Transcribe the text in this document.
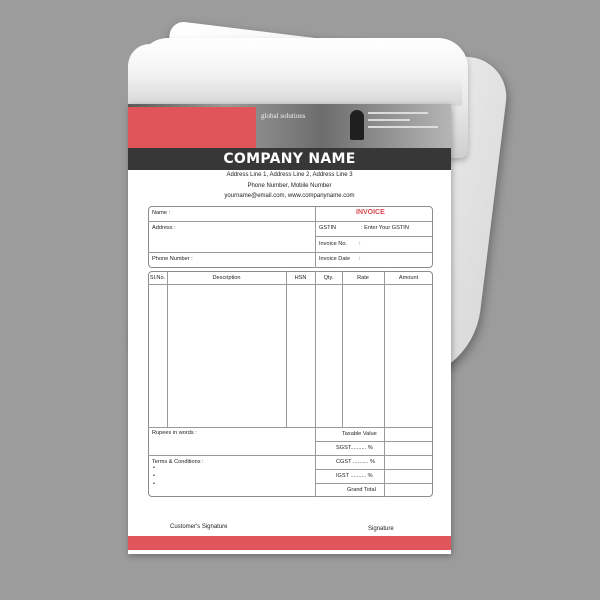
global solutions
COMPANY NAME
Address Line 1, Address Line 2, Address Line 3
Phone Number, Mobile Number
yourname@email.com, www.companyname.com
Name :
Address :
Phone Number :
INVOICE
GSTIN	: Enter Your GSTIN
Invoice No. :
Invoice Date :
Sl.No.	Description	HSN	Qty.	Rate	Amount
Rupees in words :
Terms & Conditions :
•
•
•
Taxable Value
SGST.......... %
CGST .......... %
IGST .......... %
Grand Total
Customer's Signature	Signature
